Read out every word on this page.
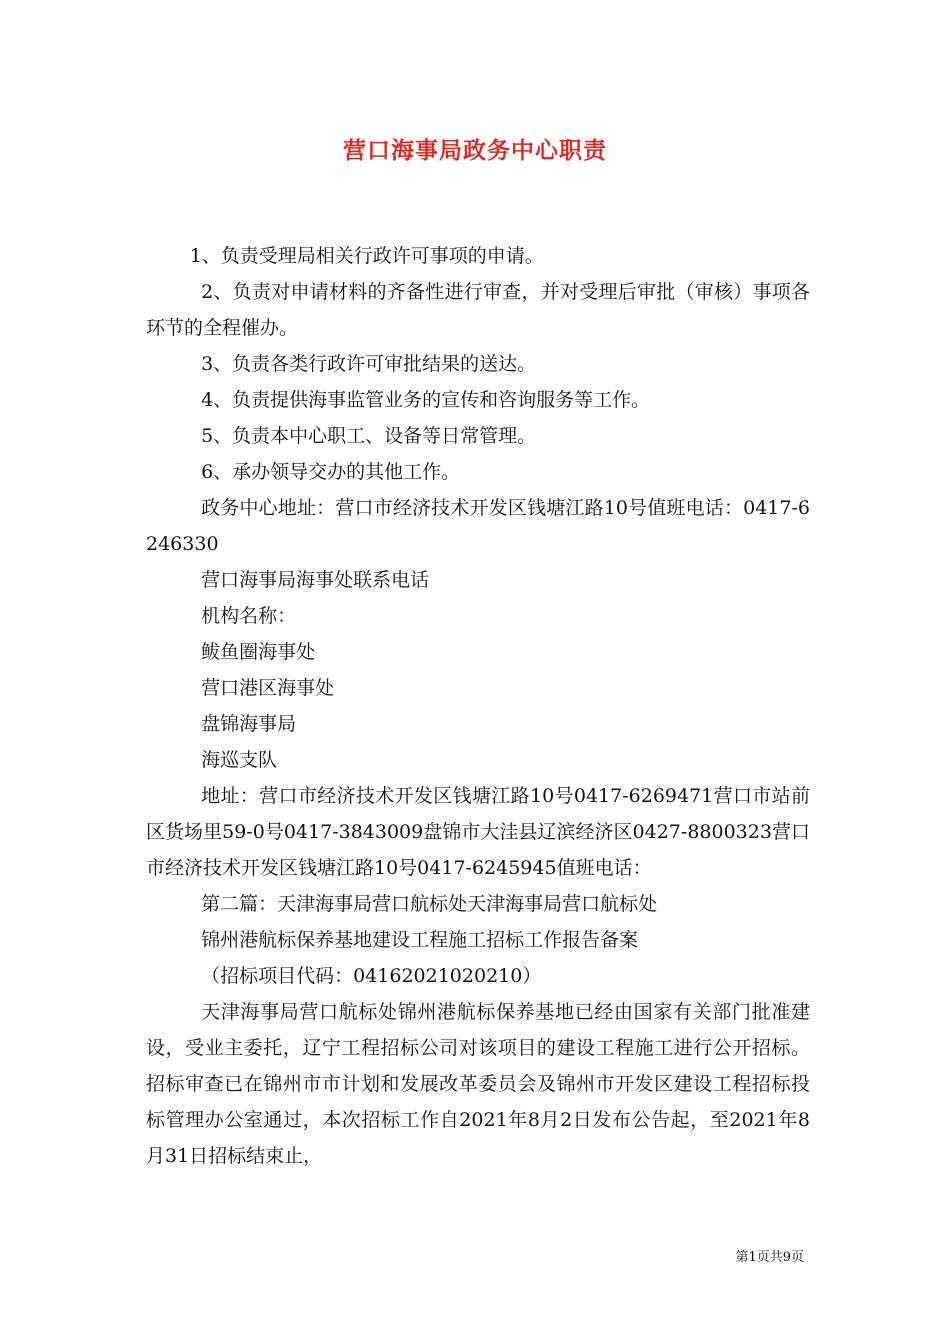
营口海事局政务中心职责

1、负责受理局相关行政许可事项的申请。

2、负责对申请材料的齐备性进行审查，并对受理后审批（审核）事项各环节的全程催办。

3、负责各类行政许可审批结果的送达。

4、负责提供海事监管业务的宣传和咨询服务等工作。

5、负责本中心职工、设备等日常管理。

6、承办领导交办的其他工作。

政务中心地址：营口市经济技术开发区钱塘江路10号值班电话：0417-6246330

营口海事局海事处联系电话

机构名称：

鲅鱼圈海事处

营口港区海事处

盘锦海事局

海巡支队

地址：营口市经济技术开发区钱塘江路10号0417-6269471营口市站前区货场里59-0号0417-3843009盘锦市大洼县辽滨经济区0427-8800323营口市经济技术开发区钱塘江路10号0417-6245945值班电话：

第二篇：天津海事局营口航标处天津海事局营口航标处

锦州港航标保养基地建设工程施工招标工作报告备案

（招标项目代码：04162021020210）

天津海事局营口航标处锦州港航标保养基地已经由国家有关部门批准建设，受业主委托，辽宁工程招标公司对该项目的建设工程施工进行公开招标。招标审查已在锦州市市计划和发展改革委员会及锦州市开发区建设工程招标投标管理办公室通过，本次招标工作自2021年8月2日发布公告起，至2021年8月31日招标结束止，

第1页共9页
